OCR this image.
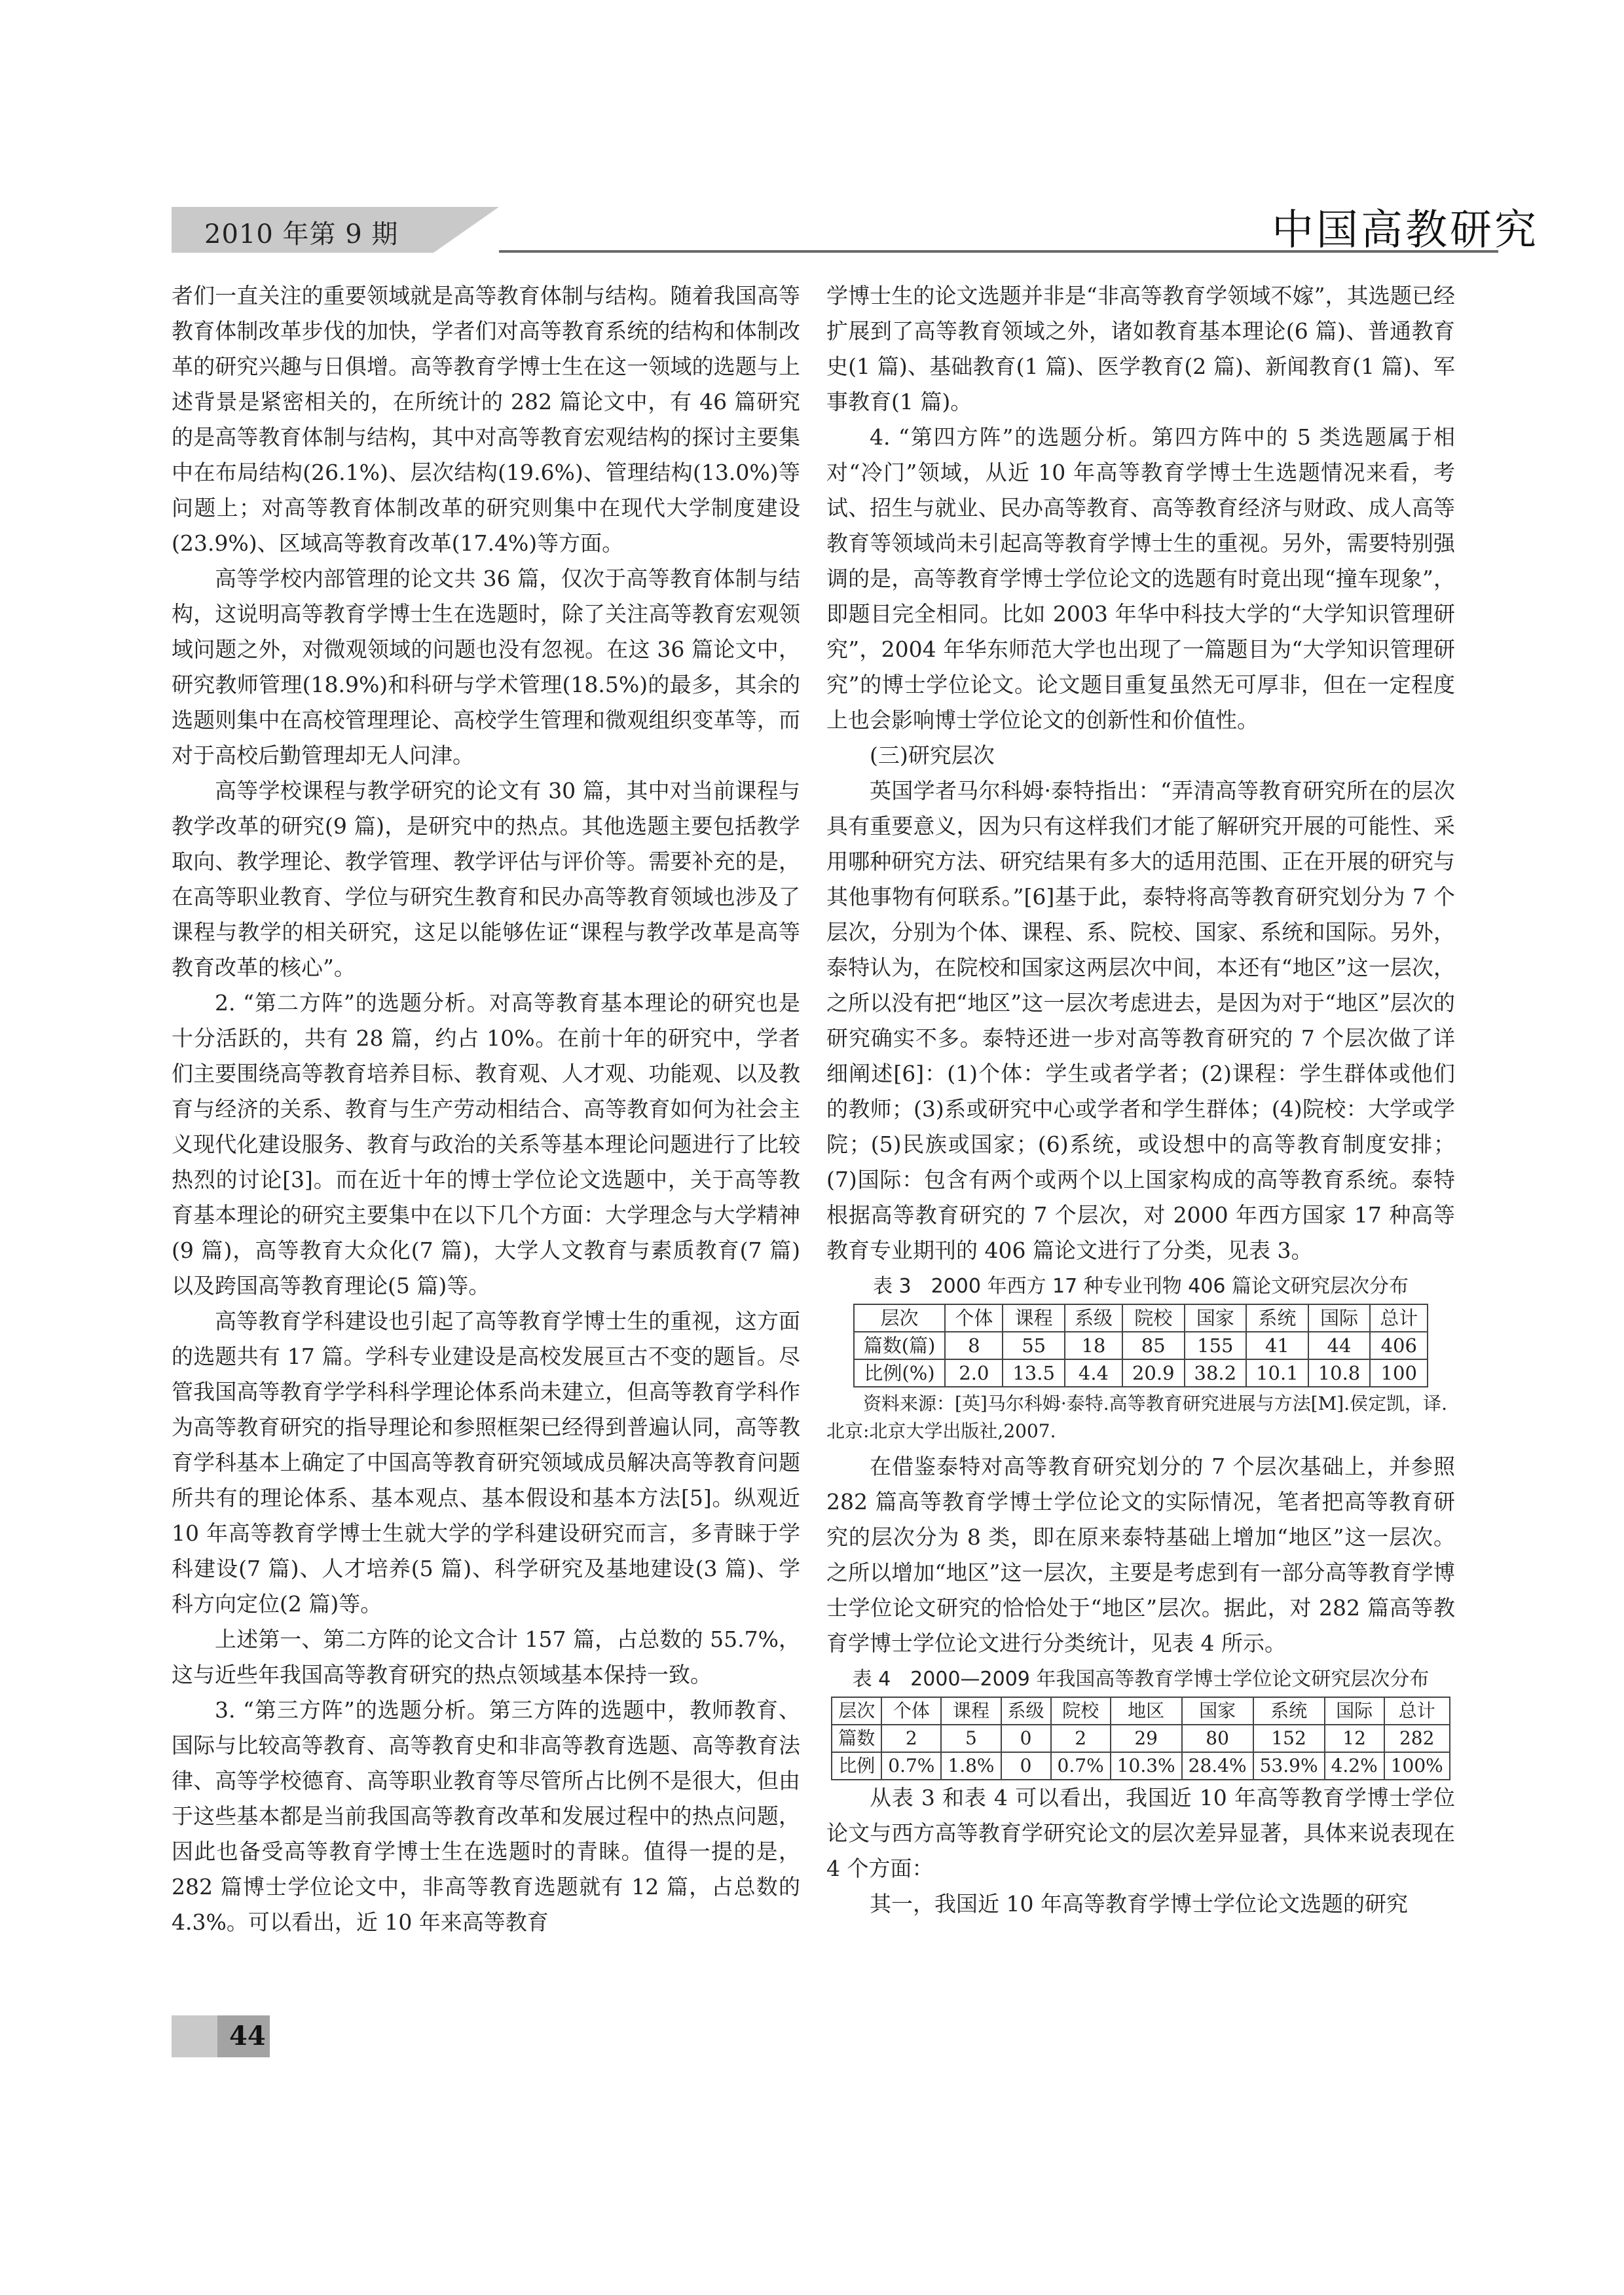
2010 年第 9 期	中国高教研究

者们一直关注的重要领域就是高等教育体制与结构。随着我国高等教育体制改革步伐的加快，学者们对高等教育系统的结构和体制改革的研究兴趣与日俱增。高等教育学博士生在这一领域的选题与上述背景是紧密相关的，在所统计的 282 篇论文中，有 46 篇研究的是高等教育体制与结构，其中对高等教育宏观结构的探讨主要集中在布局结构(26.1%)、层次结构(19.6%)、管理结构(13.0%)等问题上；对高等教育体制改革的研究则集中在现代大学制度建设(23.9%)、区域高等教育改革(17.4%)等方面。

高等学校内部管理的论文共 36 篇，仅次于高等教育体制与结构，这说明高等教育学博士生在选题时，除了关注高等教育宏观领域问题之外，对微观领域的问题也没有忽视。在这 36 篇论文中，研究教师管理(18.9%)和科研与学术管理(18.5%)的最多，其余的选题则集中在高校管理理论、高校学生管理和微观组织变革等，而对于高校后勤管理却无人问津。

高等学校课程与教学研究的论文有 30 篇，其中对当前课程与教学改革的研究(9 篇)，是研究中的热点。其他选题主要包括教学取向、教学理论、教学管理、教学评估与评价等。需要补充的是，在高等职业教育、学位与研究生教育和民办高等教育领域也涉及了课程与教学的相关研究，这足以能够佐证“课程与教学改革是高等教育改革的核心”。

2. “第二方阵”的选题分析。对高等教育基本理论的研究也是十分活跃的，共有 28 篇，约占 10%。在前十年的研究中，学者们主要围绕高等教育培养目标、教育观、人才观、功能观、以及教育与经济的关系、教育与生产劳动相结合、高等教育如何为社会主义现代化建设服务、教育与政治的关系等基本理论问题进行了比较热烈的讨论[3]。而在近十年的博士学位论文选题中，关于高等教育基本理论的研究主要集中在以下几个方面：大学理念与大学精神(9 篇)，高等教育大众化(7 篇)，大学人文教育与素质教育(7 篇)以及跨国高等教育理论(5 篇)等。

高等教育学科建设也引起了高等教育学博士生的重视，这方面的选题共有 17 篇。学科专业建设是高校发展亘古不变的题旨。尽管我国高等教育学学科科学理论体系尚未建立，但高等教育学科作为高等教育研究的指导理论和参照框架已经得到普遍认同，高等教育学科基本上确定了中国高等教育研究领域成员解决高等教育问题所共有的理论体系、基本观点、基本假设和基本方法[5]。纵观近 10 年高等教育学博士生就大学的学科建设研究而言，多青睐于学科建设(7 篇)、人才培养(5 篇)、科学研究及基地建设(3 篇)、学科方向定位(2 篇)等。

上述第一、第二方阵的论文合计 157 篇，占总数的 55.7%，这与近些年我国高等教育研究的热点领域基本保持一致。

3. “第三方阵”的选题分析。第三方阵的选题中，教师教育、国际与比较高等教育、高等教育史和非高等教育选题、高等教育法律、高等学校德育、高等职业教育等尽管所占比例不是很大，但由于这些基本都是当前我国高等教育改革和发展过程中的热点问题，因此也备受高等教育学博士生在选题时的青睐。值得一提的是，282 篇博士学位论文中，非高等教育选题就有 12 篇，占总数的 4.3%。可以看出，近 10 年来高等教育

学博士生的论文选题并非是“非高等教育学领域不嫁”，其选题已经扩展到了高等教育领域之外，诸如教育基本理论(6 篇)、普通教育史(1 篇)、基础教育(1 篇)、医学教育(2 篇)、新闻教育(1 篇)、军事教育(1 篇)。

4. “第四方阵”的选题分析。第四方阵中的 5 类选题属于相对“冷门”领域，从近 10 年高等教育学博士生选题情况来看，考试、招生与就业、民办高等教育、高等教育经济与财政、成人高等教育等领域尚未引起高等教育学博士生的重视。另外，需要特别强调的是，高等教育学博士学位论文的选题有时竟出现“撞车现象”，即题目完全相同。比如 2003 年华中科技大学的“大学知识管理研究”，2004 年华东师范大学也出现了一篇题目为“大学知识管理研究”的博士学位论文。论文题目重复虽然无可厚非，但在一定程度上也会影响博士学位论文的创新性和价值性。

(三)研究层次

英国学者马尔科姆·泰特指出：“弄清高等教育研究所在的层次具有重要意义，因为只有这样我们才能了解研究开展的可能性、采用哪种研究方法、研究结果有多大的适用范围、正在开展的研究与其他事物有何联系。”[6]基于此，泰特将高等教育研究划分为 7 个层次，分别为个体、课程、系、院校、国家、系统和国际。另外，泰特认为，在院校和国家这两层次中间，本还有“地区”这一层次，之所以没有把“地区”这一层次考虑进去，是因为对于“地区”层次的研究确实不多。泰特还进一步对高等教育研究的 7 个层次做了详细阐述[6]：(1)个体：学生或者学者；(2)课程：学生群体或他们的教师；(3)系或研究中心或学者和学生群体；(4)院校：大学或学院；(5)民族或国家；(6)系统，或设想中的高等教育制度安排；(7)国际：包含有两个或两个以上国家构成的高等教育系统。泰特根据高等教育研究的 7 个层次，对 2000 年西方国家 17 种高等教育专业期刊的 406 篇论文进行了分类，见表 3。

表 3　2000 年西方 17 种专业刊物 406 篇论文研究层次分布
层次	个体	课程	系级	院校	国家	系统	国际	总计
篇数(篇)	8	55	18	85	155	41	44	406
比例(%)	2.0	13.5	4.4	20.9	38.2	10.1	10.8	100
资料来源：[英]马尔科姆·泰特.高等教育研究进展与方法[M].侯定凯，译.北京:北京大学出版社,2007.

在借鉴泰特对高等教育研究划分的 7 个层次基础上，并参照 282 篇高等教育学博士学位论文的实际情况，笔者把高等教育研究的层次分为 8 类，即在原来泰特基础上增加“地区”这一层次。之所以增加“地区”这一层次，主要是考虑到有一部分高等教育学博士学位论文研究的恰恰处于“地区”层次。据此，对 282 篇高等教育学博士学位论文进行分类统计，见表 4 所示。

表 4　2000—2009 年我国高等教育学博士学位论文研究层次分布
层次	个体	课程	系级	院校	地区	国家	系统	国际	总计
篇数	2	5	0	2	29	80	152	12	282
比例	0.7%	1.8%	0	0.7%	10.3%	28.4%	53.9%	4.2%	100%

从表 3 和表 4 可以看出，我国近 10 年高等教育学博士学位论文与西方高等教育学研究论文的层次差异显著，具体来说表现在 4 个方面：

其一，我国近 10 年高等教育学博士学位论文选题的研究

44
